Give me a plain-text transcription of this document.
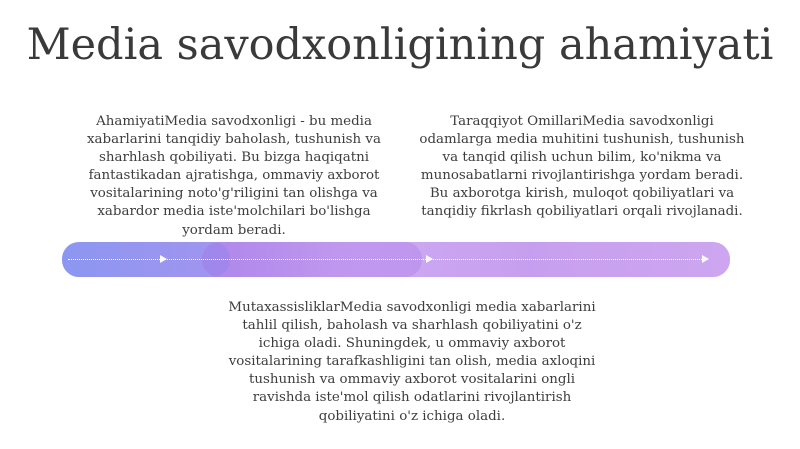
Media savodxonligining ahamiyati
AhamiyatiMedia savodxonligi - bu media xabarlarini tanqidiy baholash, tushunish va sharhlash qobiliyati. Bu bizga haqiqatni fantastikadan ajratishga, ommaviy axborot vositalarining noto'g'riligini tan olishga va xabardor media iste'molchilari bo'lishga yordam beradi.
Taraqqiyot OmillariMedia savodxonligi odamlarga media muhitini tushunish, tushunish va tanqid qilish uchun bilim, ko'nikma va munosabatlarni rivojlantirishga yordam beradi. Bu axborotga kirish, muloqot qobiliyatlari va tanqidiy fikrlash qobiliyatlari orqali rivojlanadi.
MutaxassisliklarMedia savodxonligi media xabarlarini tahlil qilish, baholash va sharhlash qobiliyatini o'z ichiga oladi. Shuningdek, u ommaviy axborot vositalarining tarafkashligini tan olish, media axloqini tushunish va ommaviy axborot vositalarini ongli ravishda iste'mol qilish odatlarini rivojlantirish qobiliyatini o'z ichiga oladi.
